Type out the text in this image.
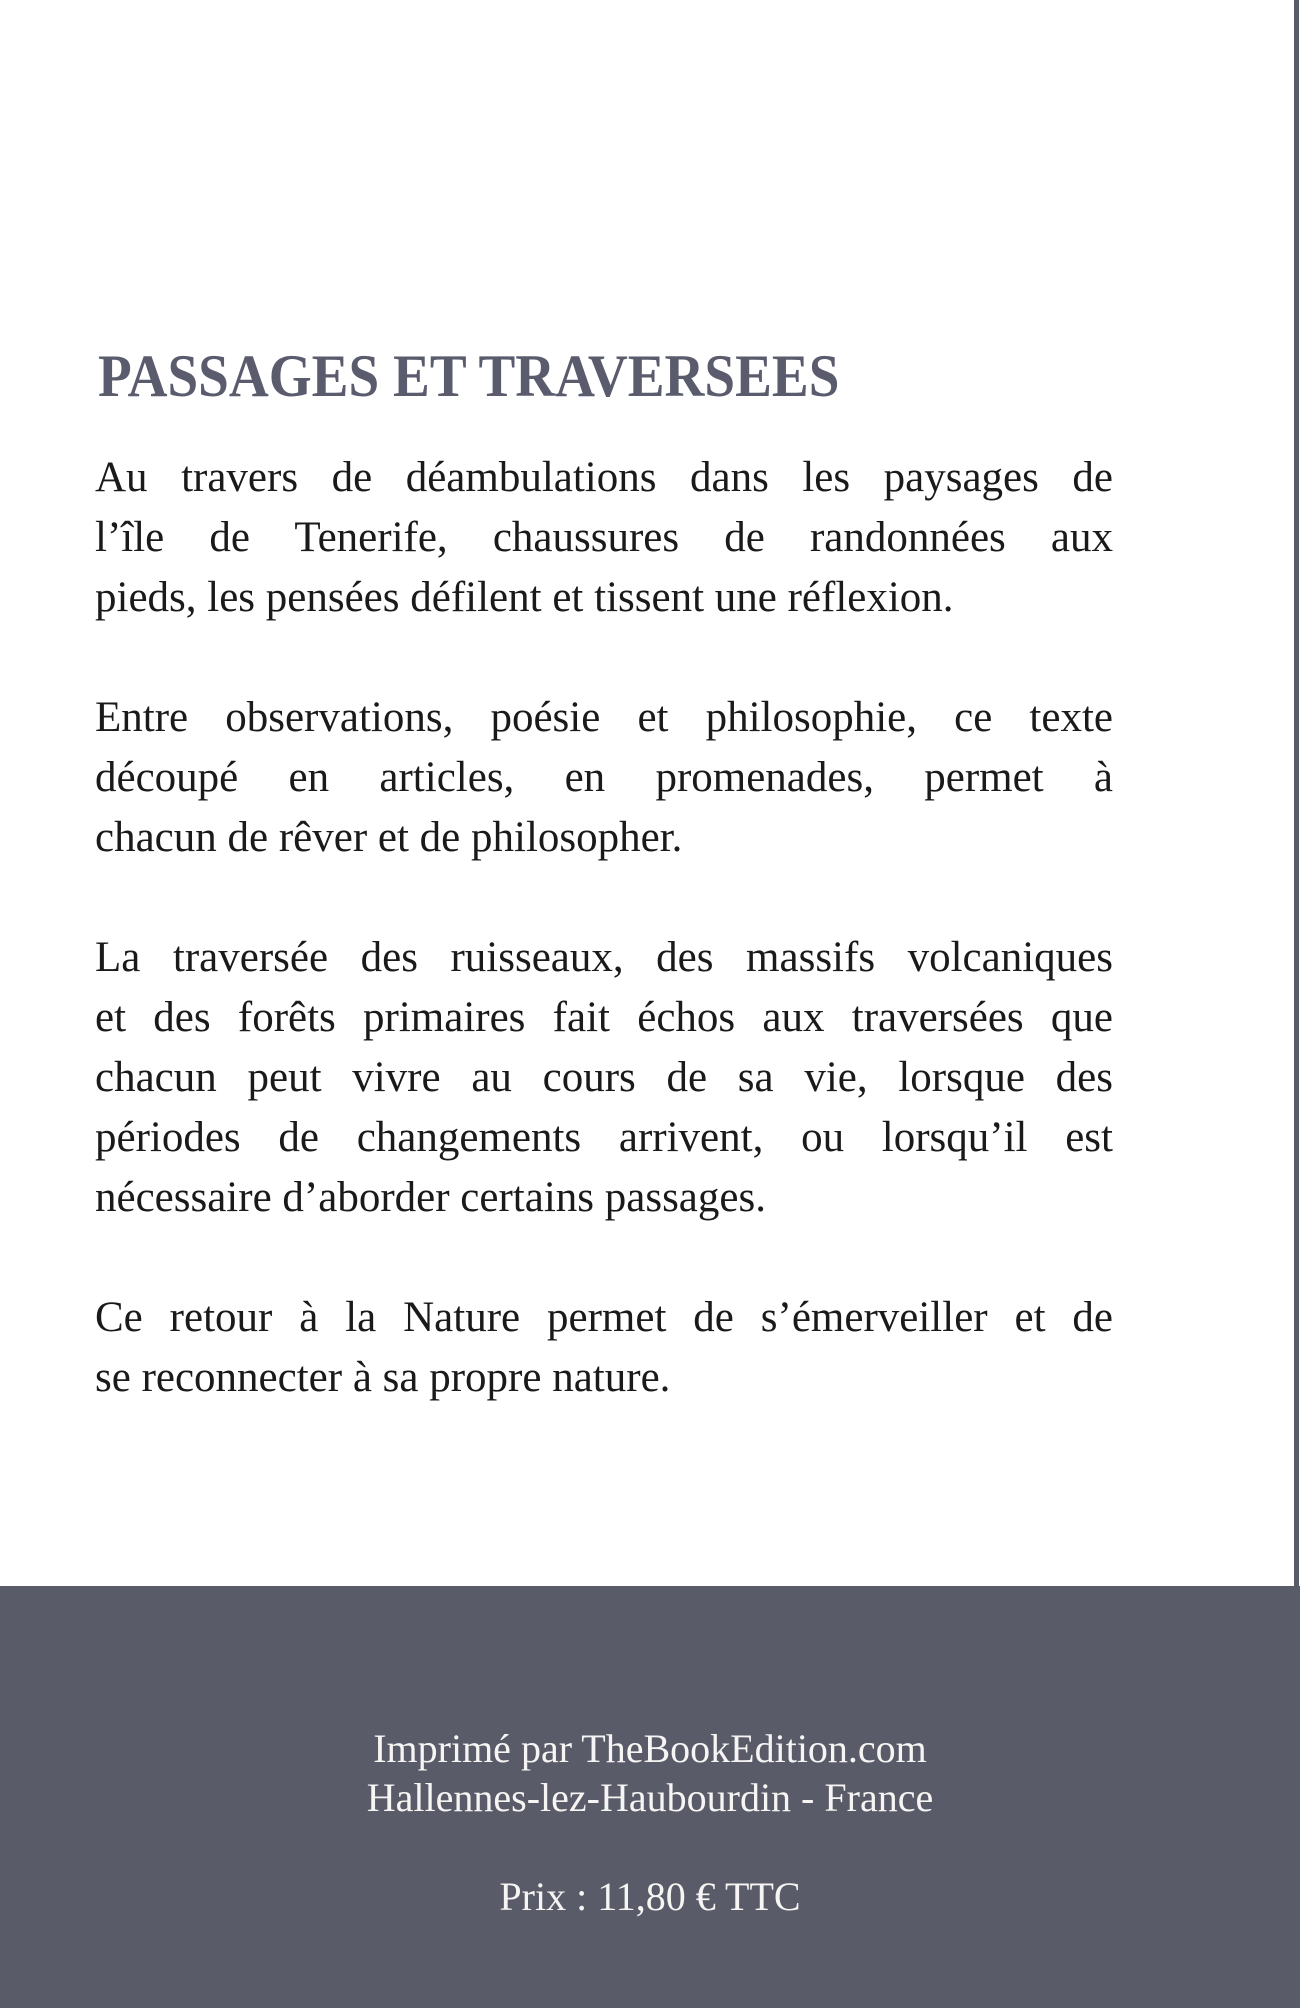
PASSAGES ET TRAVERSEES
Au travers de déambulations dans les paysages de
l’île de Tenerife, chaussures de randonnées aux
pieds, les pensées défilent et tissent une réflexion.
Entre observations, poésie et philosophie, ce texte
découpé en articles, en promenades, permet à
chacun de rêver et de philosopher.
La traversée des ruisseaux, des massifs volcaniques
et des forêts primaires fait échos aux traversées que
chacun peut vivre au cours de sa vie, lorsque des
périodes de changements arrivent, ou lorsqu’il est
nécessaire d’aborder certains passages.
Ce retour à la Nature permet de s’émerveiller et de
se reconnecter à sa propre nature.
Imprimé par TheBookEdition.com
Hallennes-lez-Haubourdin - France
Prix : 11,80 € TTC
